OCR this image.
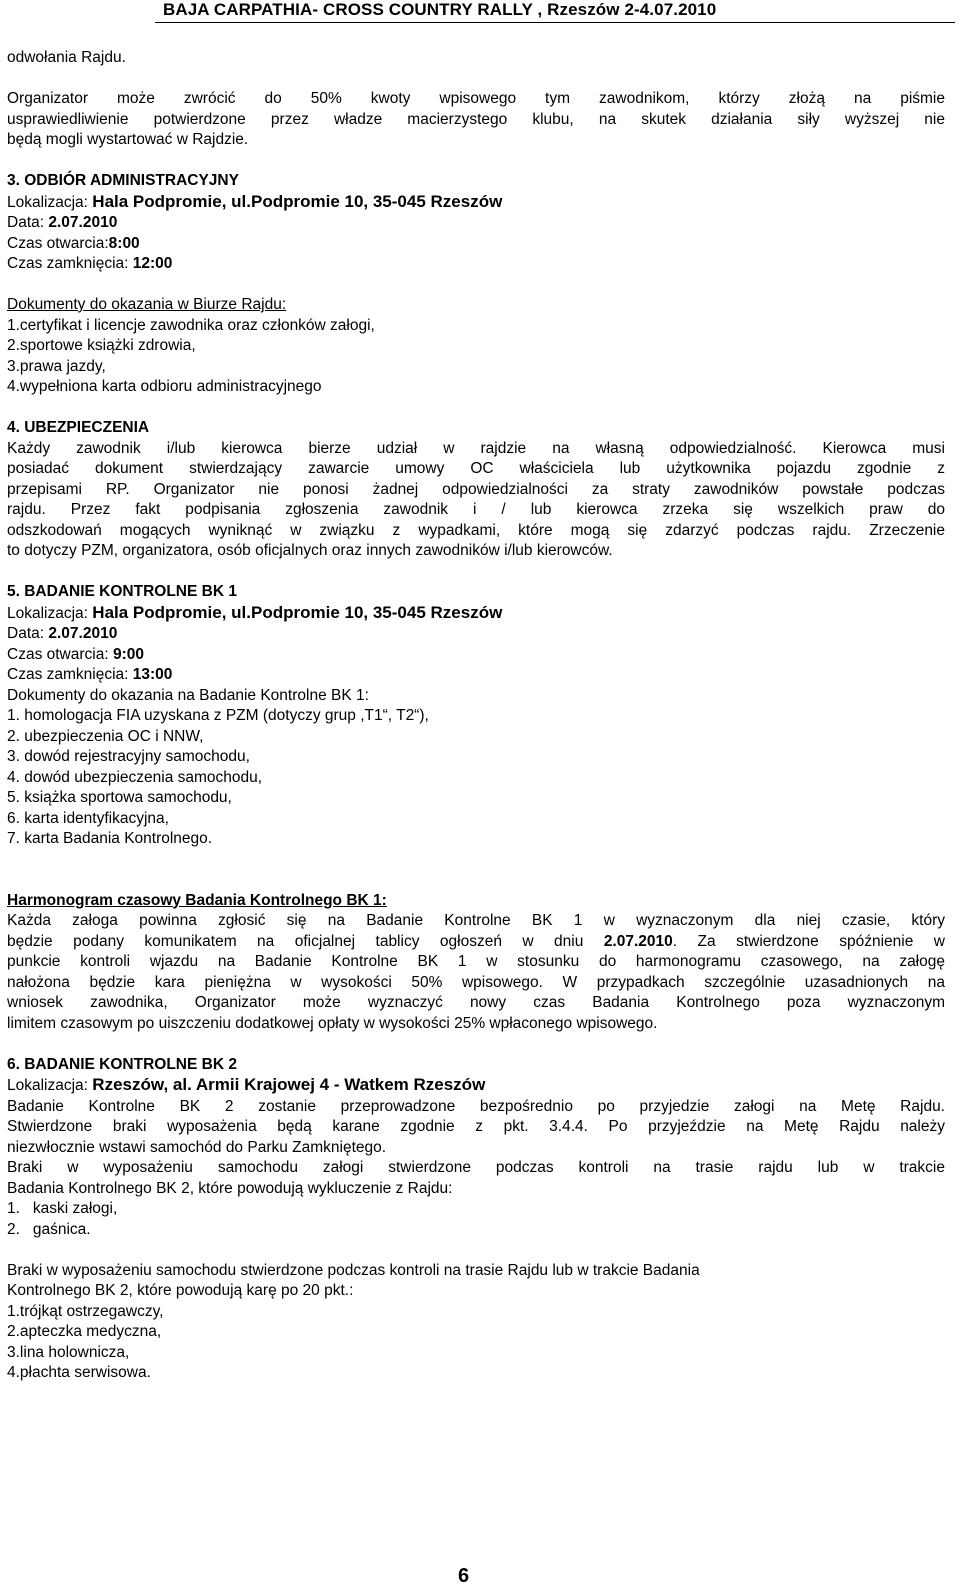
BAJA CARPATHIA- CROSS COUNTRY RALLY , Rzeszów 2-4.07.2010
odwołania Rajdu.
Organizator może zwrócić do 50% kwoty wpisowego tym zawodnikom, którzy złożą na piśmie
usprawiedliwienie potwierdzone przez władze macierzystego klubu, na skutek działania siły wyższej nie
będą mogli wystartować w Rajdzie.
3. ODBIÓR ADMINISTRACYJNY
Lokalizacja: Hala Podpromie, ul.Podpromie 10, 35-045 Rzeszów
Data: 2.07.2010
Czas otwarcia:8:00
Czas zamknięcia: 12:00
Dokumenty do okazania w Biurze Rajdu:
1.certyfikat i licencje zawodnika oraz członków załogi,
2.sportowe książki zdrowia,
3.prawa jazdy,
4.wypełniona karta odbioru administracyjnego
4. UBEZPIECZENIA
Każdy zawodnik i/lub kierowca bierze udział w rajdzie na własną odpowiedzialność. Kierowca musi
posiadać dokument stwierdzający zawarcie umowy OC właściciela lub użytkownika pojazdu zgodnie z
przepisami RP. Organizator nie ponosi żadnej odpowiedzialności za straty zawodników powstałe podczas
rajdu. Przez fakt podpisania zgłoszenia zawodnik i / lub kierowca zrzeka się wszelkich praw do
odszkodowań mogących wyniknąć w związku z wypadkami, które mogą się zdarzyć podczas rajdu. Zrzeczenie
to dotyczy PZM, organizatora, osób oficjalnych oraz innych zawodników i/lub kierowców.
5. BADANIE KONTROLNE BK 1
Lokalizacja: Hala Podpromie, ul.Podpromie 10, 35-045 Rzeszów
Data: 2.07.2010
Czas otwarcia: 9:00
Czas zamknięcia: 13:00
Dokumenty do okazania na Badanie Kontrolne BK 1:
1. homologacja FIA uzyskana z PZM (dotyczy grup ,T1“, T2“),
2. ubezpieczenia OC i NNW,
3. dowód rejestracyjny samochodu,
4. dowód ubezpieczenia samochodu,
5. książka sportowa samochodu,
6. karta identyfikacyjna,
7. karta Badania Kontrolnego.
Harmonogram czasowy Badania Kontrolnego BK 1:
Każda załoga powinna zgłosić się na Badanie Kontrolne BK 1 w wyznaczonym dla niej czasie, który
będzie podany komunikatem na oficjalnej tablicy ogłoszeń w dniu 2.07.2010. Za stwierdzone spóźnienie w
punkcie kontroli wjazdu na Badanie Kontrolne BK 1 w stosunku do harmonogramu czasowego, na załogę
nałożona będzie kara pieniężna w wysokości 50% wpisowego. W przypadkach szczególnie uzasadnionych na
wniosek zawodnika, Organizator może wyznaczyć nowy czas Badania Kontrolnego poza wyznaczonym
limitem czasowym po uiszczeniu dodatkowej opłaty w wysokości 25% wpłaconego wpisowego.
6. BADANIE KONTROLNE BK 2
Lokalizacja: Rzeszów, al. Armii Krajowej 4 - Watkem Rzeszów
Badanie Kontrolne BK 2 zostanie przeprowadzone bezpośrednio po przyjedzie załogi na Metę Rajdu.
Stwierdzone braki wyposażenia będą karane zgodnie z pkt. 3.4.4. Po przyjeździe na Metę Rajdu należy
niezwłocznie wstawi samochód do Parku Zamkniętego.
Braki w wyposażeniu samochodu załogi stwierdzone podczas kontroli na trasie rajdu lub w trakcie
Badania Kontrolnego BK 2, które powodują wykluczenie z Rajdu:
1.   kaski załogi,
2.   gaśnica.
Braki w wyposażeniu samochodu stwierdzone podczas kontroli na trasie Rajdu lub w trakcie Badania
Kontrolnego BK 2, które powodują karę po 20 pkt.:
1.trójkąt ostrzegawczy,
2.apteczka medyczna,
3.lina holownicza,
4.płachta serwisowa.
6
